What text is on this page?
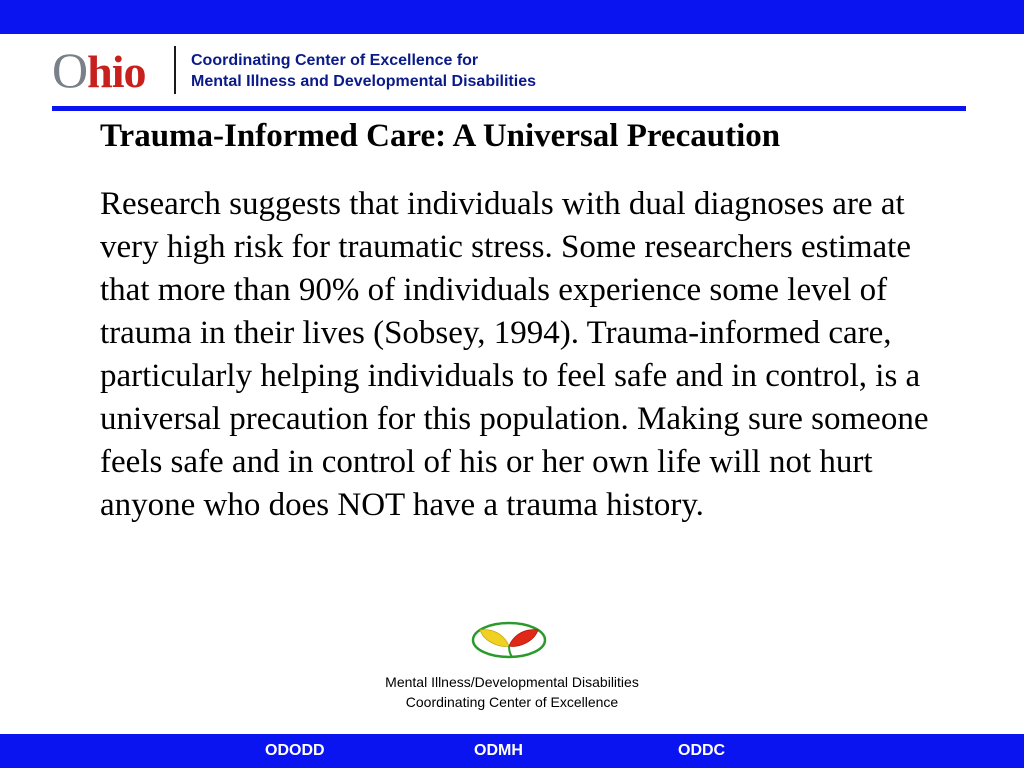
Ohio	Coordinating Center of Excellence for
Mental Illness and Developmental Disabilities
Trauma-Informed Care: A Universal Precaution

Research suggests that individuals with dual diagnoses are at very high risk for traumatic stress. Some researchers estimate that more than 90% of individuals experience some level of trauma in their lives (Sobsey, 1994). Trauma-informed care, particularly helping individuals to feel safe and in control, is a universal precaution for this population. Making sure someone feels safe and in control of his or her own life will not hurt anyone who does NOT have a trauma history.

Mental Illness/Developmental Disabilities Coordinating Center of Excellence
ODODD	ODMH	ODDC
